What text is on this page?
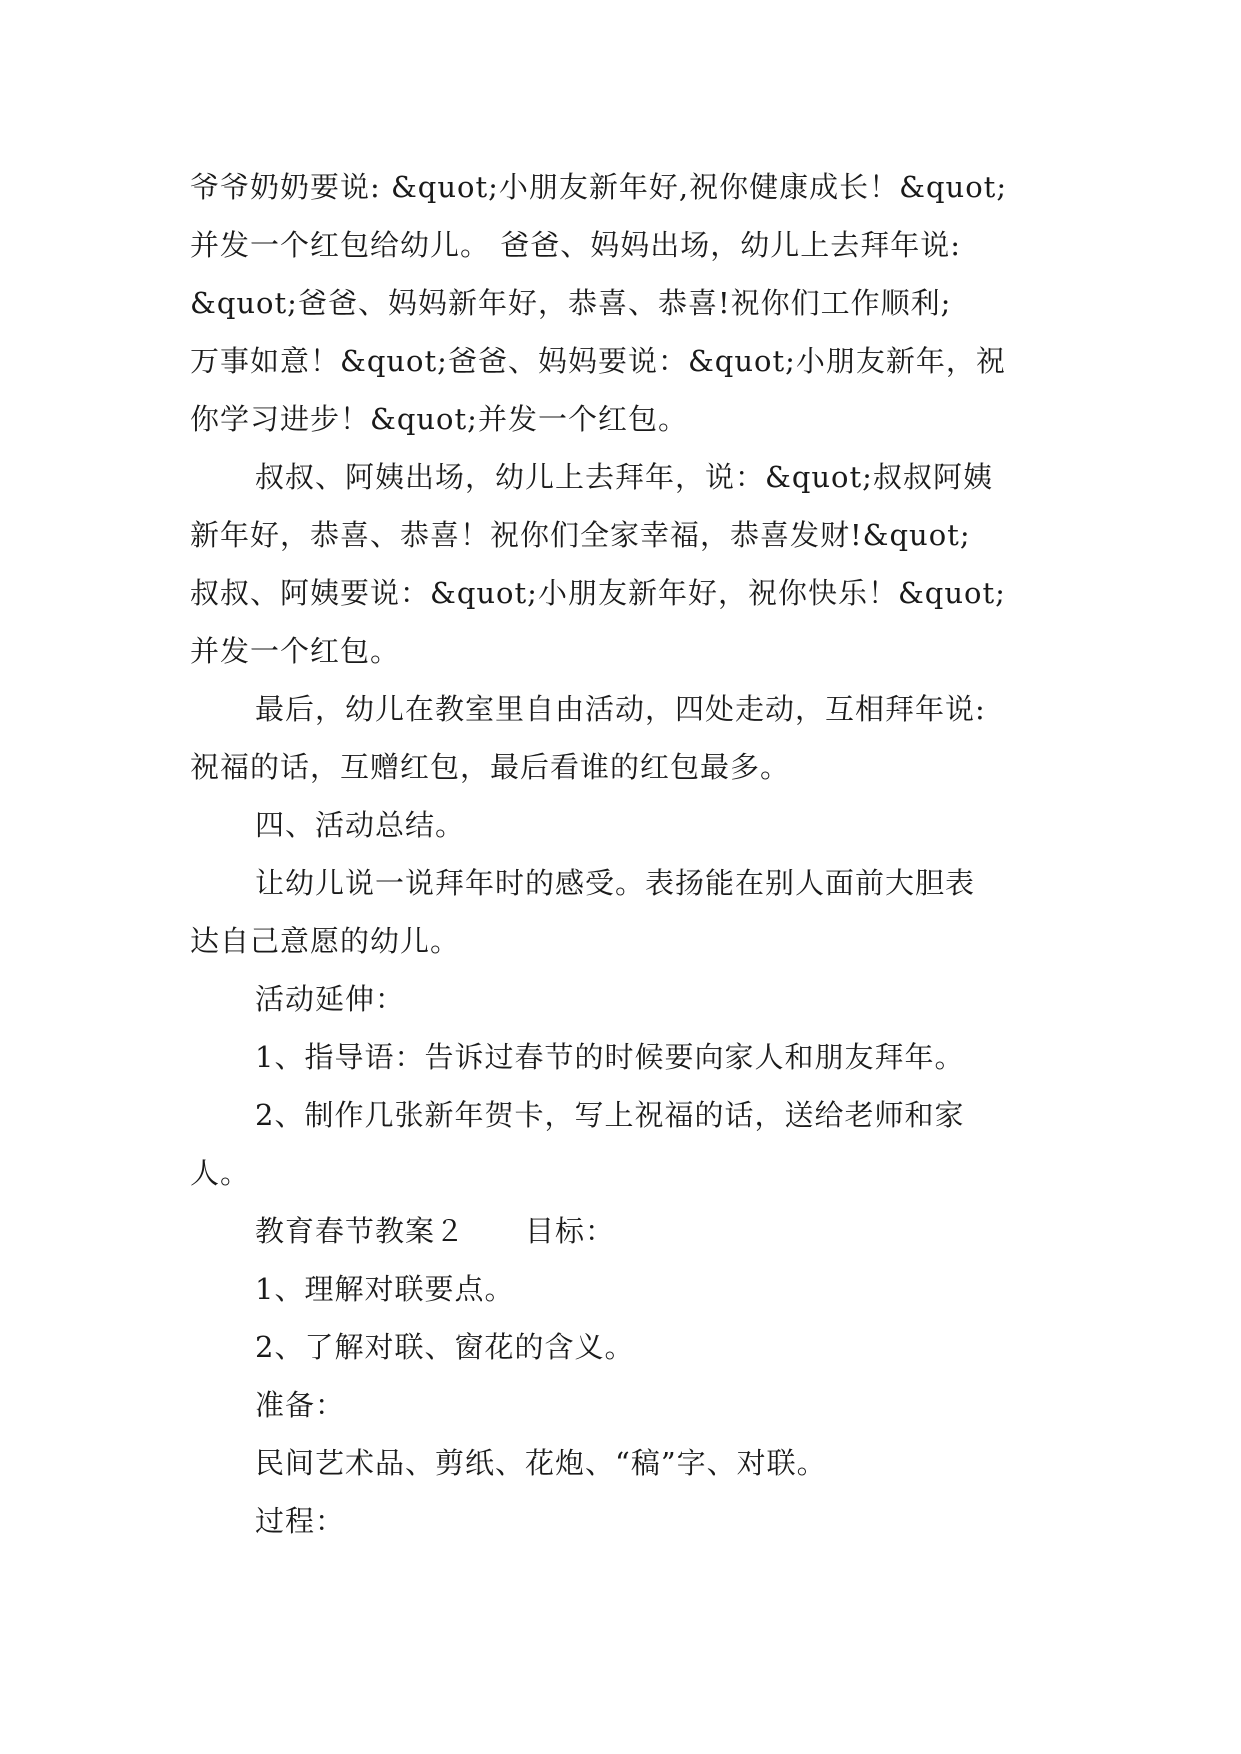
爷爷奶奶要说: &quot;小朋友新年好,祝你健康成长！&quot;
并发一个红包给幼儿。 爸爸、妈妈出场，幼儿上去拜年说:
&quot;爸爸、妈妈新年好，恭喜、恭喜!祝你们工作顺利;
万事如意！&quot;爸爸、妈妈要说：&quot;小朋友新年，祝
你学习进步！&quot;并发一个红包。
叔叔、阿姨出场，幼儿上去拜年，说：&quot;叔叔阿姨
新年好，恭喜、恭喜！祝你们全家幸福，恭喜发财!&quot;
叔叔、阿姨要说：&quot;小朋友新年好，祝你快乐！&quot;
并发一个红包。
最后，幼儿在教室里自由活动，四处走动，互相拜年说:
祝福的话，互赠红包，最后看谁的红包最多。
四、活动总结。
让幼儿说一说拜年时的感受。表扬能在别人面前大胆表
达自己意愿的幼儿。
活动延伸：
1、指导语：告诉过春节的时候要向家人和朋友拜年。
2、制作几张新年贺卡，写上祝福的话，送给老师和家
人。
教育春节教案２ 目标：
1、理解对联要点。
2、了解对联、窗花的含义。
准备：
民间艺术品、剪纸、花炮、“稿”字、对联。
过程：
